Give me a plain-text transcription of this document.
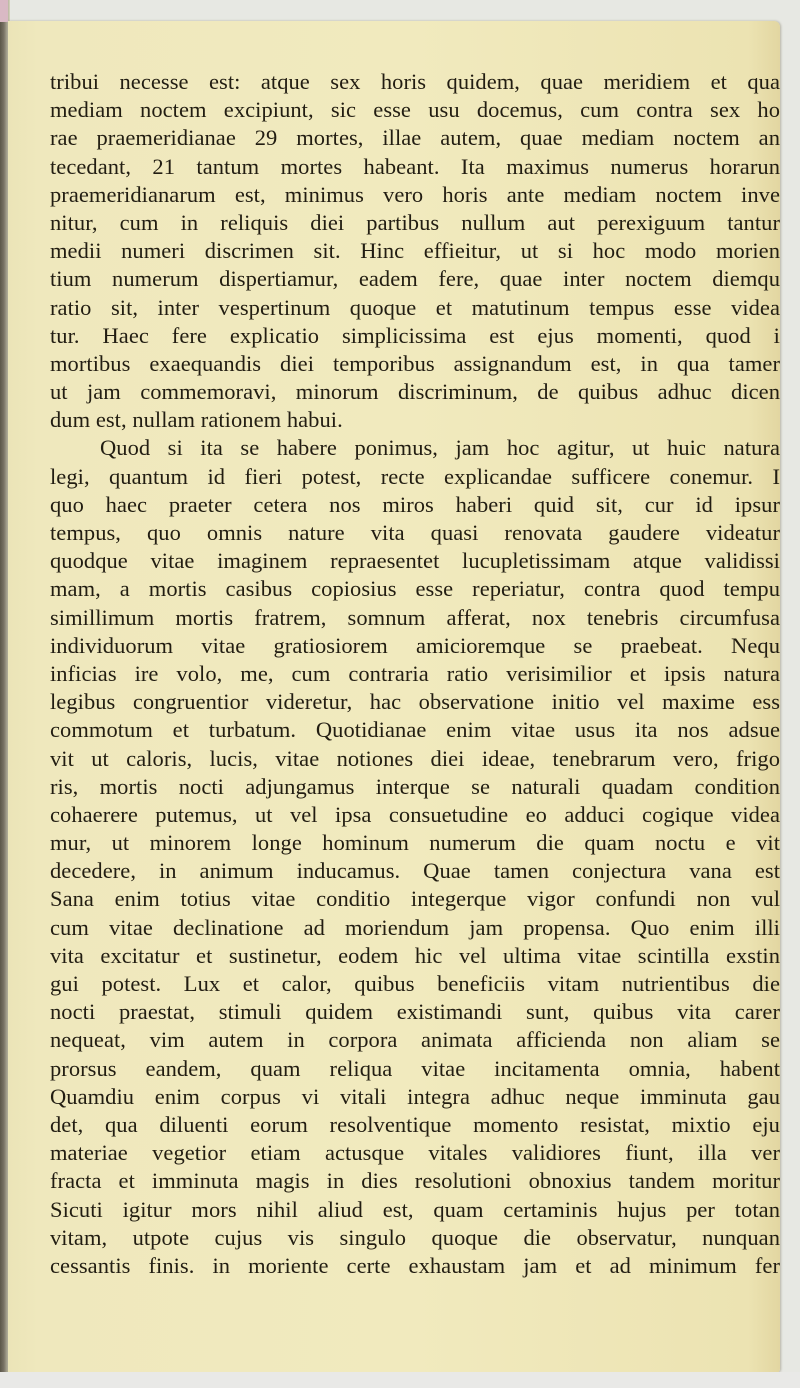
tribui necesse est: atque sex horis quidem, quae meridiem et qua
mediam noctem excipiunt, sic esse usu docemus, cum contra sex ho
rae praemeridianae 29 mortes, illae autem, quae mediam noctem an
tecedant, 21 tantum mortes habeant. Ita maximus numerus horarun
praemeridianarum est, minimus vero horis ante mediam noctem inve
nitur, cum in reliquis diei partibus nullum aut perexiguum tantur
medii numeri discrimen sit. Hinc effieitur, ut si hoc modo morien
tium numerum dispertiamur, eadem fere, quae inter noctem diemqu
ratio sit, inter vespertinum quoque et matutinum tempus esse videa
tur. Haec fere explicatio simplicissima est ejus momenti, quod i
mortibus exaequandis diei temporibus assignandum est, in qua tamer
ut jam commemoravi, minorum discriminum, de quibus adhuc dicen
dum est, nullam rationem habui.
Quod si ita se habere ponimus, jam hoc agitur, ut huic natura
legi, quantum id fieri potest, recte explicandae sufficere conemur. I
quo haec praeter cetera nos miros haberi quid sit, cur id ipsur
tempus, quo omnis nature vita quasi renovata gaudere videatur
quodque vitae imaginem repraesentet lucupletissimam atque validissi
mam, a mortis casibus copiosius esse reperiatur, contra quod tempu
simillimum mortis fratrem, somnum afferat, nox tenebris circumfusa
individuorum vitae gratiosiorem amicioremque se praebeat. Nequ
inficias ire volo, me, cum contraria ratio verisimilior et ipsis natura
legibus congruentior videretur, hac observatione initio vel maxime ess
commotum et turbatum. Quotidianae enim vitae usus ita nos adsue
vit ut caloris, lucis, vitae notiones diei ideae, tenebrarum vero, frigo
ris, mortis nocti adjungamus interque se naturali quadam condition
cohaerere putemus, ut vel ipsa consuetudine eo adduci cogique videa
mur, ut minorem longe hominum numerum die quam noctu e vit
decedere, in animum inducamus. Quae tamen conjectura vana est
Sana enim totius vitae conditio integerque vigor confundi non vul
cum vitae declinatione ad moriendum jam propensa. Quo enim illi
vita excitatur et sustinetur, eodem hic vel ultima vitae scintilla exstin
gui potest. Lux et calor, quibus beneficiis vitam nutrientibus die
nocti praestat, stimuli quidem existimandi sunt, quibus vita carer
nequeat, vim autem in corpora animata afficienda non aliam se
prorsus eandem, quam reliqua vitae incitamenta omnia, habent
Quamdiu enim corpus vi vitali integra adhuc neque imminuta gau
det, qua diluenti eorum resolventique momento resistat, mixtio eju
materiae vegetior etiam actusque vitales validiores fiunt, illa ver
fracta et imminuta magis in dies resolutioni obnoxius tandem moritur
Sicuti igitur mors nihil aliud est, quam certaminis hujus per totan
vitam, utpote cujus vis singulo quoque die observatur, nunquan
cessantis finis. in moriente certe exhaustam jam et ad minimum fer
